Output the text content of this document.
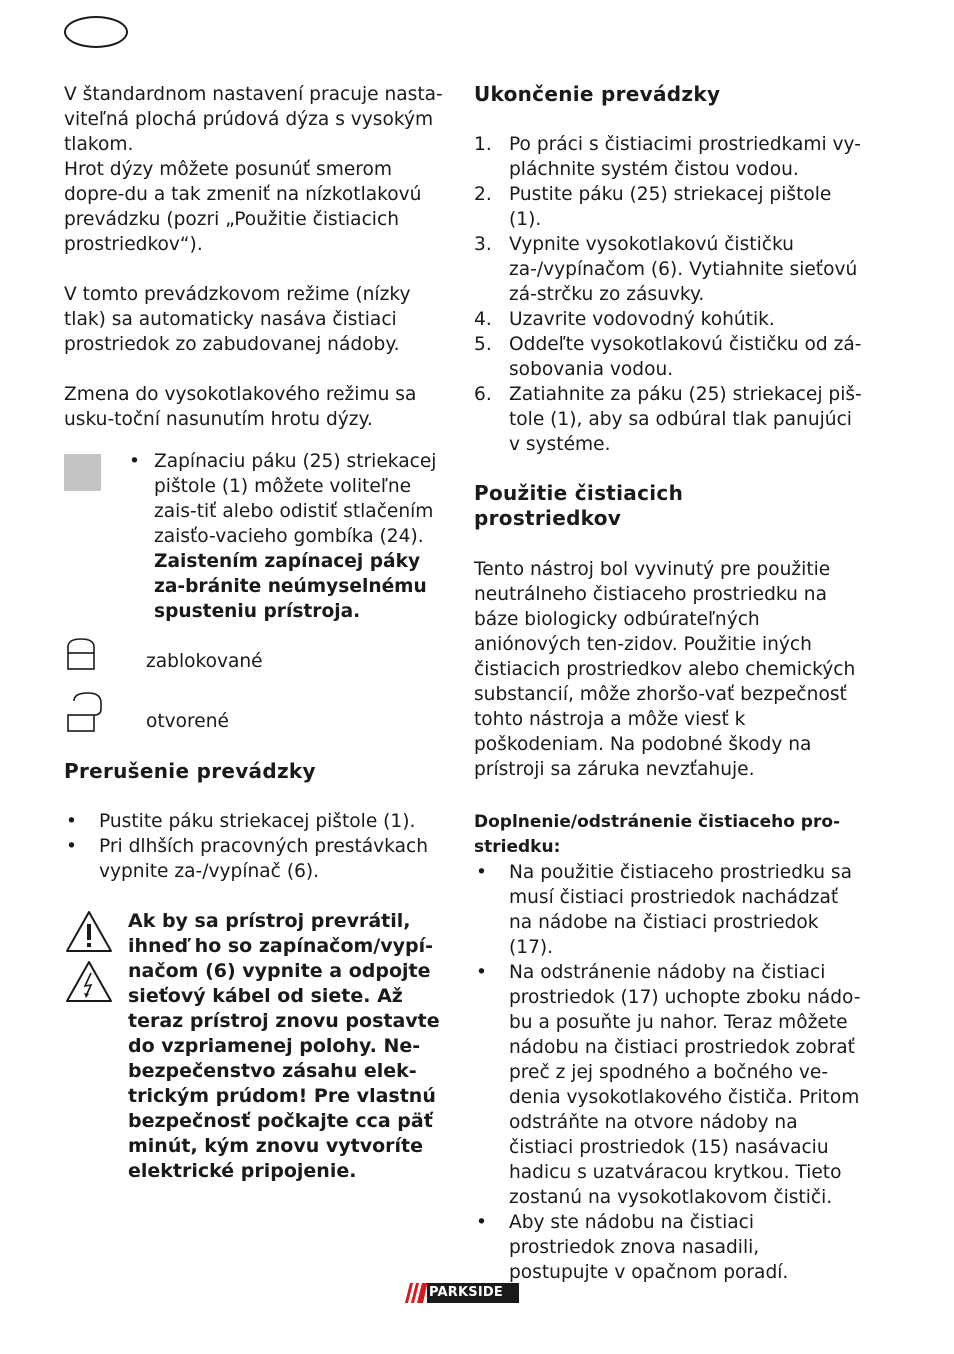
V štandardnom nastavení pracuje nasta-viteľná plochá prúdová dýza s vysokým tlakom.

Hrot dýzy môžete posunúť smerom dopre-du a tak zmeniť na nízkotlakovú prevádzku (pozri „Použitie čistiacich prostriedkov“).

V tomto prevádzkovom režime (nízky tlak) sa automaticky nasáva čistiaci prostriedok zo zabudovanej nádoby.

Zmena do vysokotlakového režimu sa usku-toční nasunutím hrotu dýzy.

• Zapínaciu páku (25) striekacej pištole (1) môžete voliteľne zais-tiť alebo odistiť stlačením zaisťo-vacieho gombíka (24).
Zaistením zapínacej páky za-bránite neúmyselnému spusteniu prístroja.
zablokované
otvorené
Prerušenie prevádzky
• Pustite páku striekacej pištole (1).
• Pri dlhších pracovných prestávkach vypnite za-/vypínač (6).
Ak by sa prístroj prevrátil, ihneď ho so zapínačom/vypí-načom (6) vypnite a odpojte sieťový kábel od siete. Až teraz prístroj znovu postavte do vzpriamenej polohy. Ne-bezpečenstvo zásahu elek-trickým prúdom! Pre vlastnú bezpečnosť počkajte cca päť minút, kým znovu vytvoríte elektrické pripojenie.
Ukončenie prevádzky
1. Po práci s čistiacimi prostriedkami vy-pláchnite systém čistou vodou.
2. Pustite páku (25) striekacej pištole (1).
3. Vypnite vysokotlakovú čističku za-/vypínačom (6). Vytiahnite sieťovú zá-strčku zo zásuvky.
4. Uzavrite vodovodný kohútik.
5. Oddeľte vysokotlakovú čističku od zá-sobovania vodou.
6. Zatiahnite za páku (25) striekacej piš-tole (1), aby sa odbúral tlak panujúci v systéme.
Použitie čistiacich
prostriedkov

Tento nástroj bol vyvinutý pre použitie neutrálneho čistiaceho prostriedku na báze biologicky odbúrateľných aniónových ten-zidov. Použitie iných čistiacich prostriedkov alebo chemických substancií, môže zhoršo-vať bezpečnosť tohto nástroja a môže viesť k poškodeniam. Na podobné škody na prístroji sa záruka nevzťahuje.

Doplnenie/odstránenie čistiaceho pro-striedku:
• Na použitie čistiaceho prostriedku sa musí čistiaci prostriedok nachádzať na nádobe na čistiaci prostriedok (17).
• Na odstránenie nádoby na čistiaci prostriedok (17) uchopte zboku nádo-bu a posuňte ju nahor. Teraz môžete nádobu na čistiaci prostriedok zobrať preč z jej spodného a bočného ve-denia vysokotlakového čističa. Pritom odstráňte na otvore nádoby na čistiaci prostriedok (15) nasávaciu hadicu s uzatváracou krytkou. Tieto zostanú na vysokotlakovom čističi.
• Aby ste nádobu na čistiaci prostriedok znova nasadili, postupujte v opačnom poradí.
PARKSIDE
